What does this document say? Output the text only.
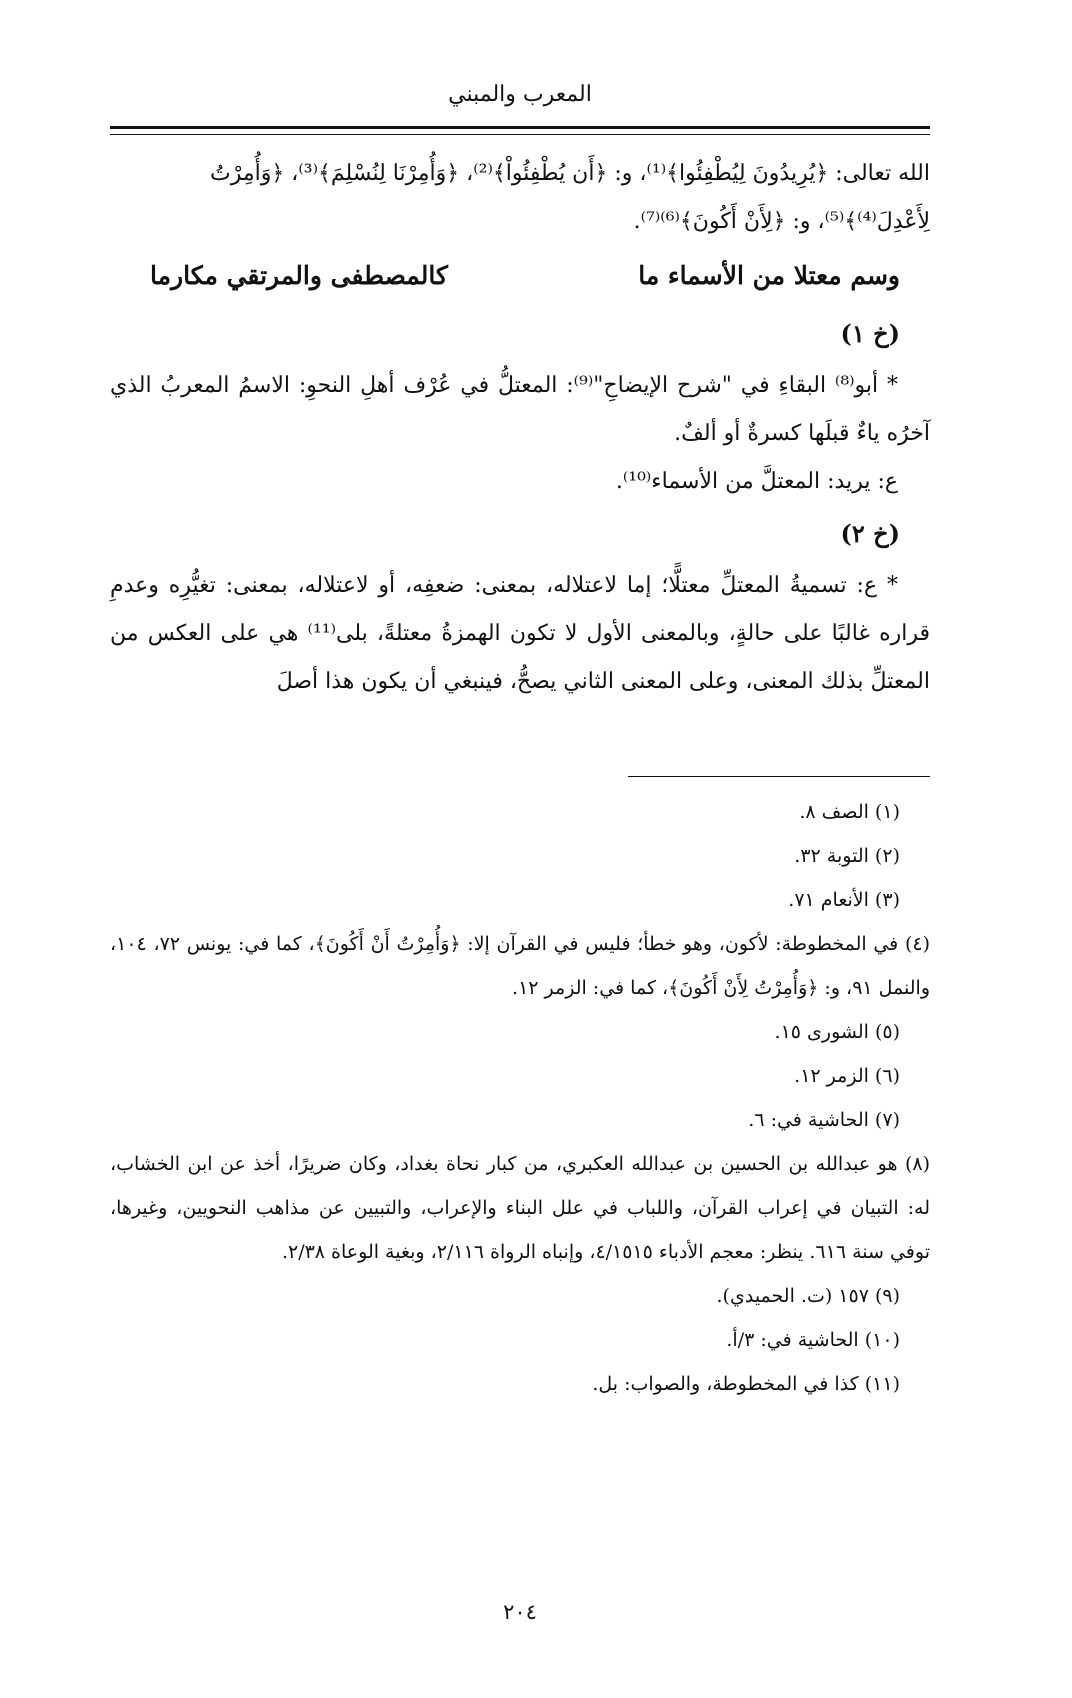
المعرب والمبني

الله تعالى: ﴿يُرِيدُونَ لِيُطْفِئُوا﴾⁽¹⁾، و: ﴿أَن يُطْفِئُواْ﴾⁽²⁾، ﴿وَأُمِرْنَا لِنُسْلِمَ﴾⁽³⁾، ﴿وَأُمِرْتُ

لِأَعْدِلَ⁽⁴⁾﴾⁽⁵⁾، و: ﴿لِأَنْ أَكُونَ﴾⁽⁶⁾⁽⁷⁾.

وسم معتلا من الأسماء ما
كالمصطفى والمرتقي مكارما
(خ ١)

* أبو⁽⁸⁾ البقاءِ في "شرح الإيضاحِ"⁽⁹⁾: المعتلُّ في عُرْف أهلِ النحوِ: الاسمُ المعربُ الذي آخرُه ياءٌ قبلَها كسرةٌ أو ألفٌ.

ع: يريد: المعتلَّ من الأسماء⁽¹⁰⁾.

(خ ٢)

* ع: تسميةُ المعتلِّ معتلًّا؛ إما لاعتلاله، بمعنى: ضعفِه، أو لاعتلاله، بمعنى: تغيُّرِه وعدمِ قراره غالبًا على حالةٍ، وبالمعنى الأول لا تكون الهمزةُ معتلةً، بلى⁽¹¹⁾ هي على العكس من المعتلِّ بذلك المعنى، وعلى المعنى الثاني يصحُّ، فينبغي أن يكون هذا أصلَ

(١) الصف ٨.

(٢) التوبة ٣٢.

(٣) الأنعام ٧١.

(٤) في المخطوطة: لأكون، وهو خطأ؛ فليس في القرآن إلا: ﴿وَأُمِرْتُ أَنْ أَكُونَ﴾، كما في: يونس ٧٢، ١٠٤، والنمل ٩١، و: ﴿وَأُمِرْتُ لِأَنْ أَكُونَ﴾، كما في: الزمر ١٢.

(٥) الشورى ١٥.

(٦) الزمر ١٢.

(٧) الحاشية في: ٦.

(٨) هو عبدالله بن الحسين بن عبدالله العكبري، من كبار نحاة بغداد، وكان ضريرًا، أخذ عن ابن الخشاب، له: التبيان في إعراب القرآن، واللباب في علل البناء والإعراب، والتبيين عن مذاهب النحويين، وغيرها، توفي سنة ٦١٦. ينظر: معجم الأدباء ٤/١٥١٥، وإنباه الرواة ٢/١١٦، وبغية الوعاة ٢/٣٨.

(٩) ١٥٧ (ت. الحميدي).

(١٠) الحاشية في: ٣/أ.

(١١) كذا في المخطوطة، والصواب: بل.

٢٠٤
